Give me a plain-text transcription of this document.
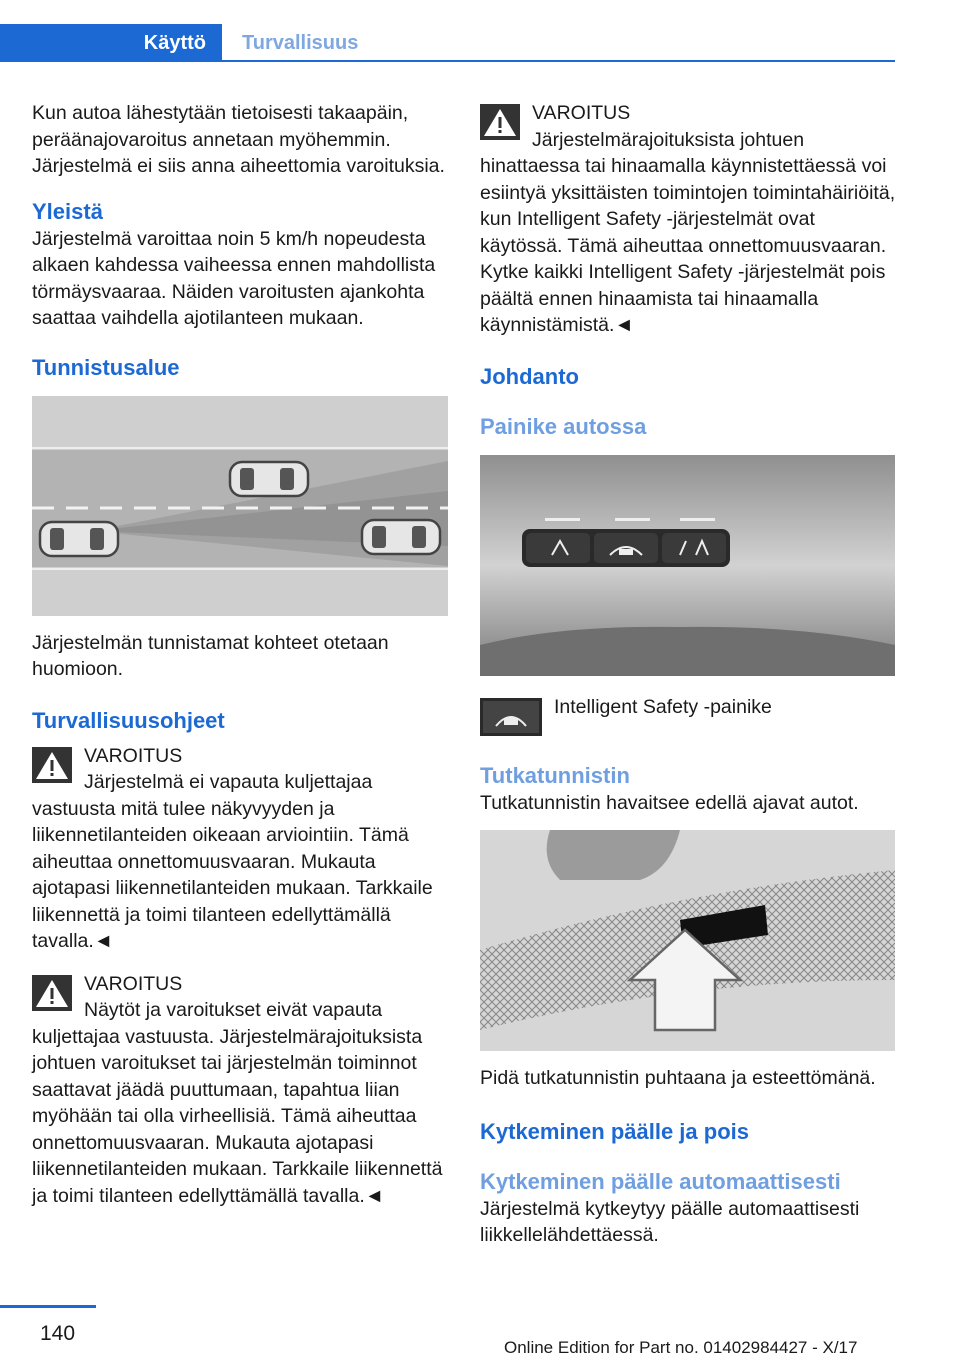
Käyttö	Turvallisuus

Kun autoa lähestytään tietoisesti takaapäin, peräänajovaroitus annetaan myöhemmin. Järjestelmä ei siis anna aiheettomia varoituksia.

Yleistä

Järjestelmä varoittaa noin 5 km/h nopeudesta alkaen kahdessa vaiheessa ennen mahdollista törmäysvaaraa. Näiden varoitusten ajankohta saattaa vaihdella ajotilanteen mukaan.

Tunnistusalue

Järjestelmän tunnistamat kohteet otetaan huomioon.

Turvallisuusohjeet

VAROITUS

Järjestelmä ei vapauta kuljettajaa vastuusta mitä tulee näkyvyyden ja liikennetilanteiden oikeaan arviointiin. Tämä aiheuttaa onnettomuusvaaran. Mukauta ajotapasi liikennetilanteiden mukaan. Tarkkaile liikennettä ja toimi tilanteen edellyttämällä tavalla.◄

VAROITUS

Näytöt ja varoitukset eivät vapauta kuljettajaa vastuusta. Järjestelmärajoituksista johtuen varoitukset tai järjestelmän toiminnot saattavat jäädä puuttumaan, tapahtua liian myöhään tai olla virheellisiä. Tämä aiheuttaa onnettomuusvaaran. Mukauta ajotapasi liikennetilanteiden mukaan. Tarkkaile liikennettä ja toimi tilanteen edellyttämällä tavalla.◄

VAROITUS

Järjestelmärajoituksista johtuen hinattaessa tai hinaamalla käynnistettäessä voi esiintyä yksittäisten toimintojen toimintahäiriöitä, kun Intelligent Safety -järjestelmät ovat käytössä. Tämä aiheuttaa onnettomuusvaaran. Kytke kaikki Intelligent Safety -järjestelmät pois päältä ennen hinaamista tai hinaamalla käynnistämistä.◄

Johdanto
Painike autossa

Intelligent Safety -painike

Tutkatunnistin

Tutkatunnistin havaitsee edellä ajavat autot.

Pidä tutkatunnistin puhtaana ja esteettömänä.

Kytkeminen päälle ja pois
Kytkeminen päälle automaattisesti

Järjestelmä kytkeytyy päälle automaattisesti liikkellelähdettäessä.

140
Online Edition for Part no. 01402984427 - X/17
